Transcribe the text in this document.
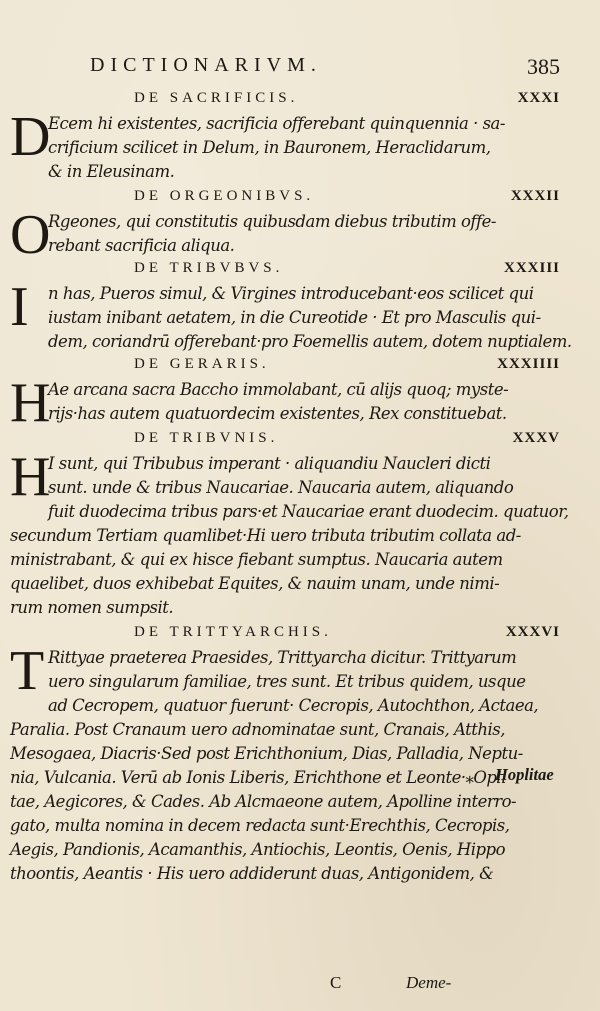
DICTIONARIVM.	385
DE SACRIFICIS.	XXXI
D
Ecem hi existentes, sacrificia offerebant quinquennia · sa-
crificium scilicet in Delum, in Bauronem, Heraclidarum,
& in Eleusinam.
DE ORGEONIBVS.	XXXII
O
Rgeones, qui constitutis quibusdam diebus tributim offe-
rebant sacrificia aliqua.
DE TRIBVBVS.	XXXIII
I	n has, Pueros simul, & Virgines introducebant·eos scilicet qui
iustam inibant aetatem, in die Cureotide · Et pro Masculis qui-
dem, coriandrū offerebant·pro Foemellis autem, dotem nuptialem.
DE GERARIS.	XXXIIII
H
Ae arcana sacra Baccho immolabant, cū alijs quoq; myste-
rijs·has autem quatuordecim existentes, Rex constituebat.
DE TRIBVNIS.	XXXV
H
I sunt, qui Tribubus imperant · aliquandiu Naucleri dicti
sunt. unde & tribus Naucariae. Naucaria autem, aliquando
fuit duodecima tribus pars·et Naucariae erant duodecim. quatuor,
secundum Tertiam quamlibet·Hi uero tributa tributim collata ad-
ministrabant, & qui ex hisce fiebant sumptus. Naucaria autem
quaelibet, duos exhibebat Equites, & nauim unam, unde nimi-
rum nomen sumpsit.
DE TRITTYARCHIS.	XXXVI
T Rittyae praeterea Praesides, Trittyarcha dicitur. Trittyarum
uero singularum familiae, tres sunt. Et tribus quidem, usque
ad Cecropem, quatuor fuerunt· Cecropis, Autochthon, Actaea,
Paralia. Post Cranaum uero adnominatae sunt, Cranais, Atthis,
Mesogaea, Diacris·Sed post Erichthonium, Dias, Palladia, Neptu-
nia, Vulcania. Verū ab Ionis Liberis, Erichthone et Leonte·⁎Opli
tae, Aegicores, & Cades. Ab Alcmaeone autem, Apolline interro-
gato, multa nomina in decem redacta sunt·Erechthis, Cecropis,
Aegis, Pandionis, Acamanthis, Antiochis, Leontis, Oenis, Hippo
thoontis, Aeantis · His uero addiderunt duas, Antigonidem, &
Hoplitae
C	Deme-
